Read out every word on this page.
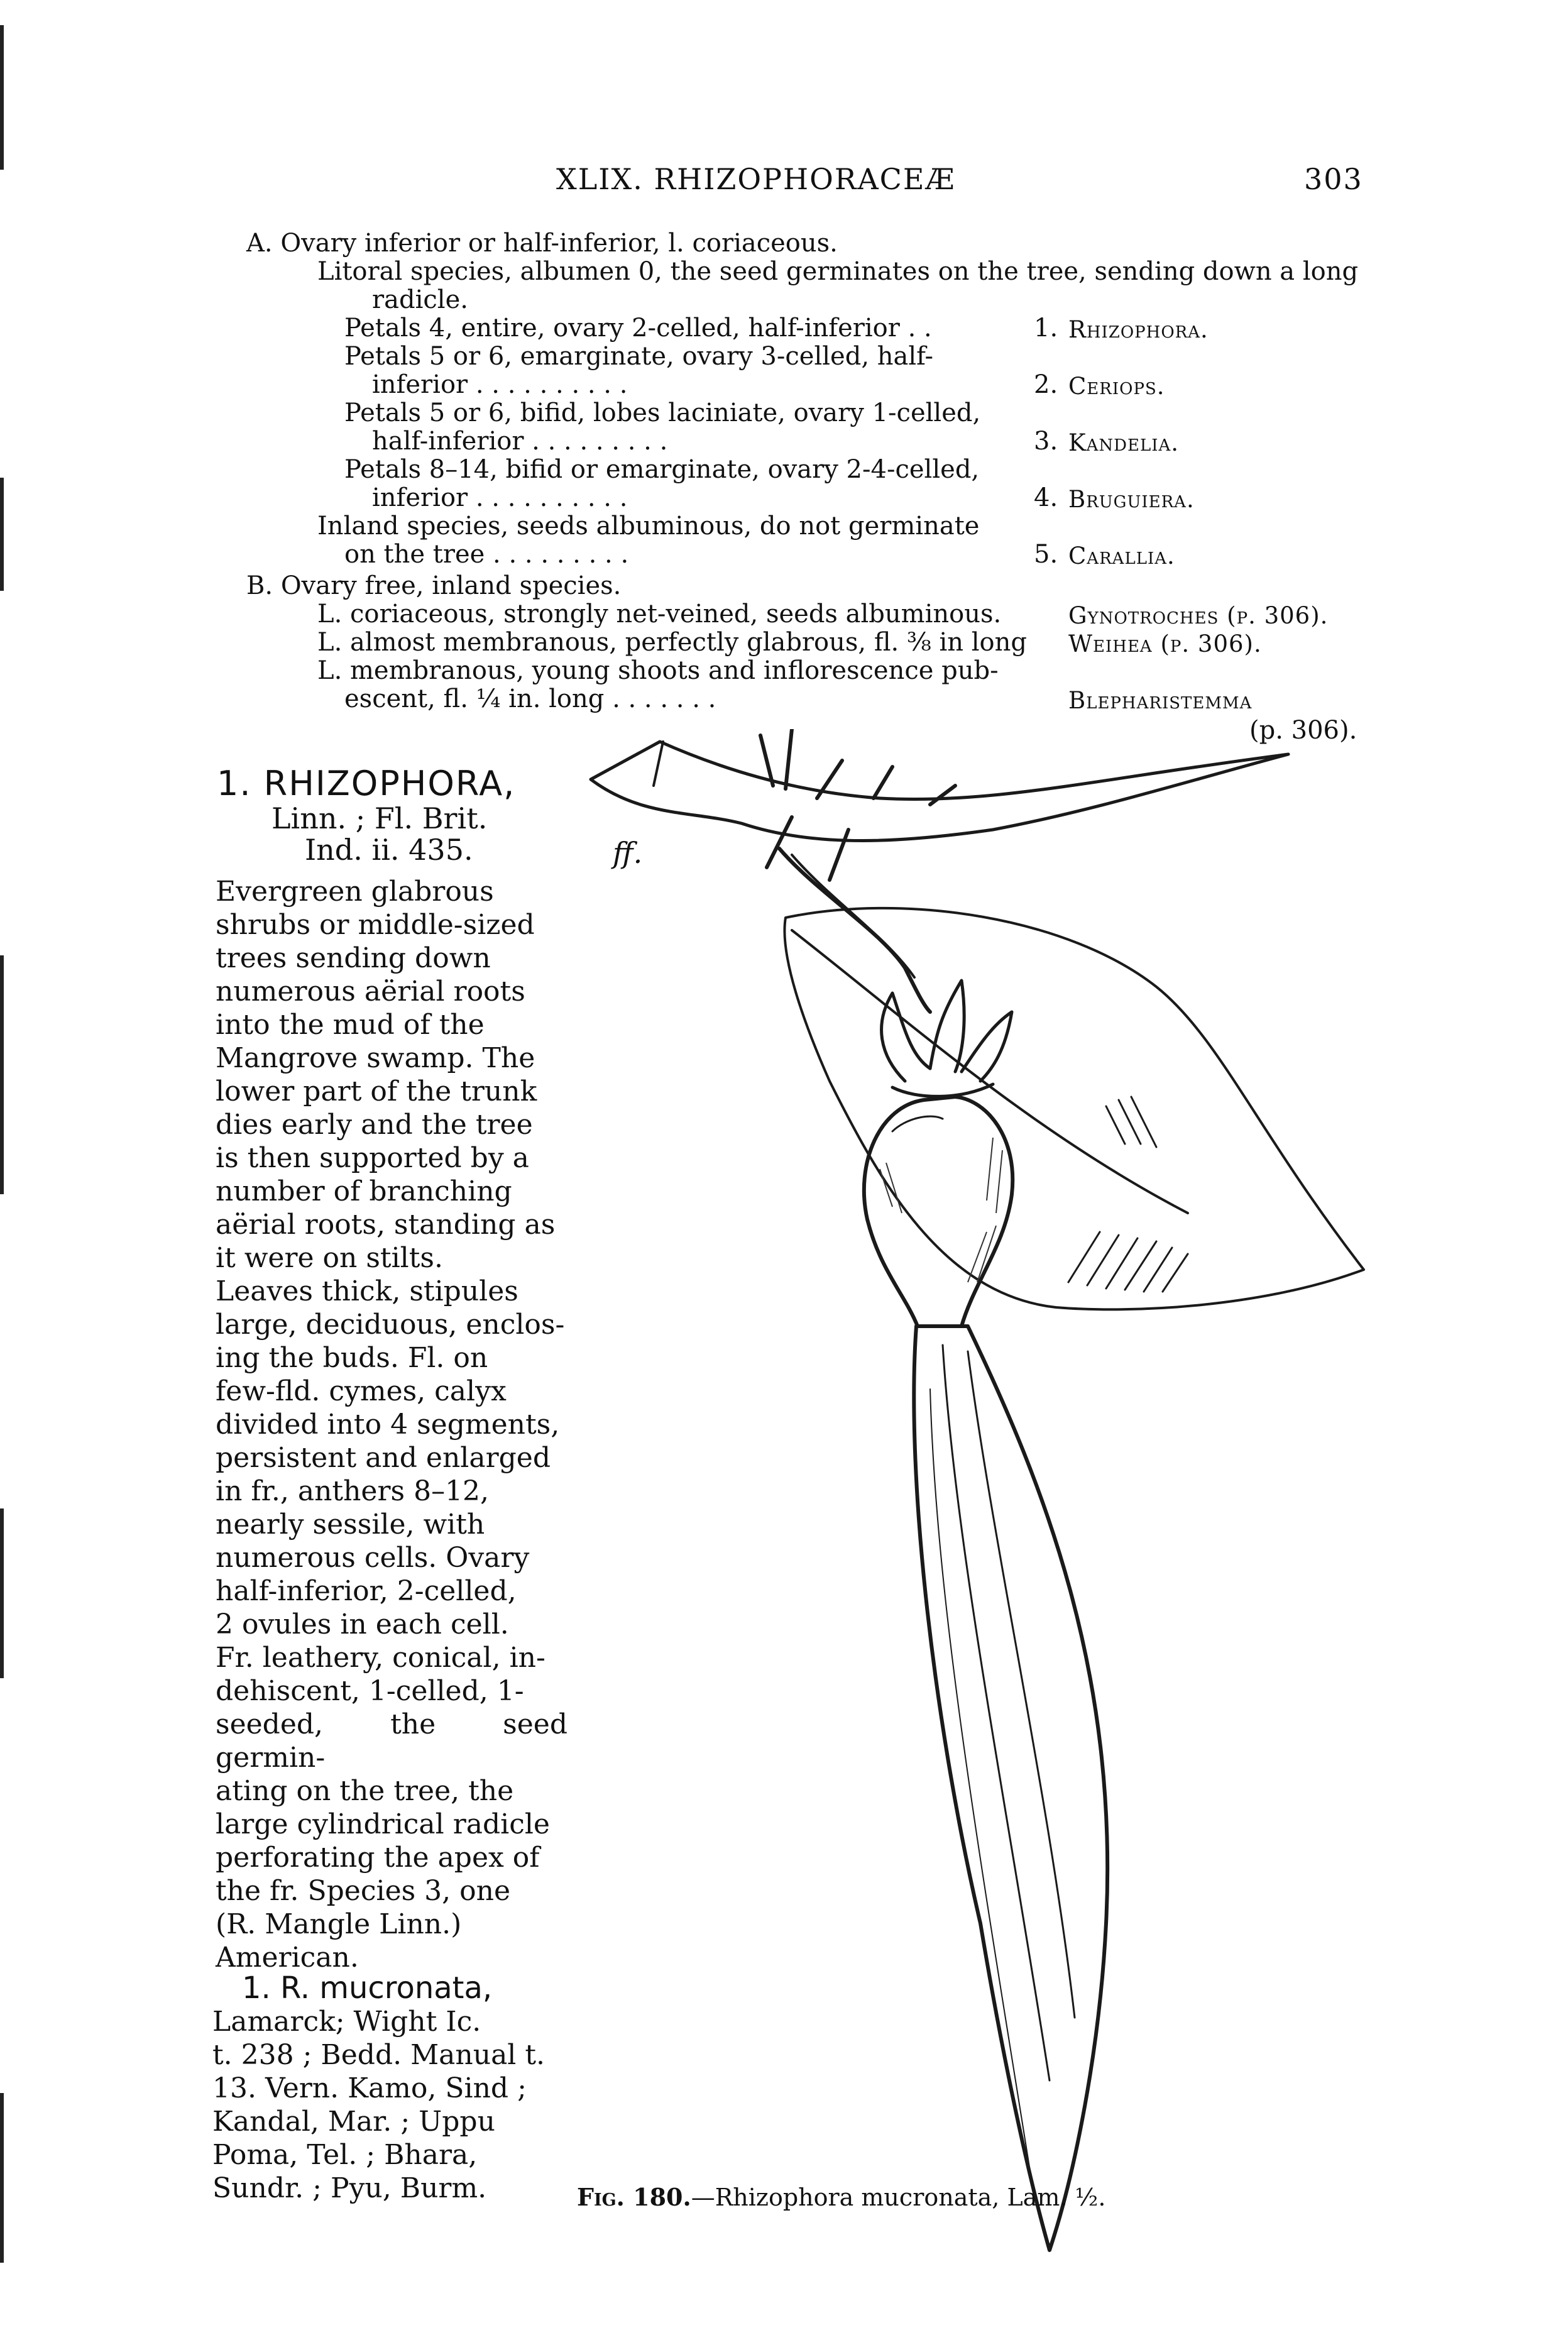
XLIX. RHIZOPHORACEÆ	303
A. Ovary inferior or half-inferior, l. coriaceous.
Litoral species, albumen 0, the seed germinates on the tree, sending down a long
radicle.
Petals 4, entire, ovary 2-celled, half-inferior . .	1. Rhizophora.
Petals 5 or 6, emarginate, ovary 3-celled, half-
inferior . . . . . . . . . .	2. Ceriops.
Petals 5 or 6, bifid, lobes laciniate, ovary 1-celled,
half-inferior . . . . . . . . .	3. Kandelia.
Petals 8–14, bifid or emarginate, ovary 2-4-celled,
inferior . . . . . . . . . .	4. Bruguiera.
Inland species, seeds albuminous, do not germinate
on the tree . . . . . . . . .	5. Carallia.
B. Ovary free, inland species.
L. coriaceous, strongly net-veined, seeds albuminous.	Gynotroches (p. 306).
L. almost membranous, perfectly glabrous, fl. ⅜ in long Weihea (p. 306).
L. membranous, young shoots and inflorescence pub-
escent, fl. ¼ in. long . . . . . . .	Blepharistemma
(p. 306).
1. RHIZOPHORA,
Linn. ; Fl. Brit.
Ind. ii. 435.
Evergreen glabrous
shrubs or middle-sized
trees sending down
numerous aërial roots
into the mud of the
Mangrove swamp. The
lower part of the trunk
dies early and the tree
is then supported by a
number of branching
aërial roots, standing as
it were on stilts.
Leaves thick, stipules
large, deciduous, enclos-
ing the buds. Fl. on
few-fld. cymes, calyx
divided into 4 segments,
persistent and enlarged
in fr., anthers 8–12,
nearly sessile, with
numerous cells. Ovary
half-inferior, 2-celled,
2 ovules in each cell.
Fr. leathery, conical, in-
dehiscent, 1-celled, 1-
seeded, the seed germin-
ating on the tree, the
large cylindrical radicle
perforating the apex of
the fr. Species 3, one
(R. Mangle Linn.)
American.
1. R. mucronata,
Lamarck; Wight Ic.
t. 238 ; Bedd. Manual t.
13. Vern. Kamo, Sind ;
Kandal, Mar. ; Uppu
Poma, Tel. ; Bhara,
Sundr. ; Pyu, Burm.
ff.
Fig. 180.—Rhizophora mucronata, Lam. ½.
